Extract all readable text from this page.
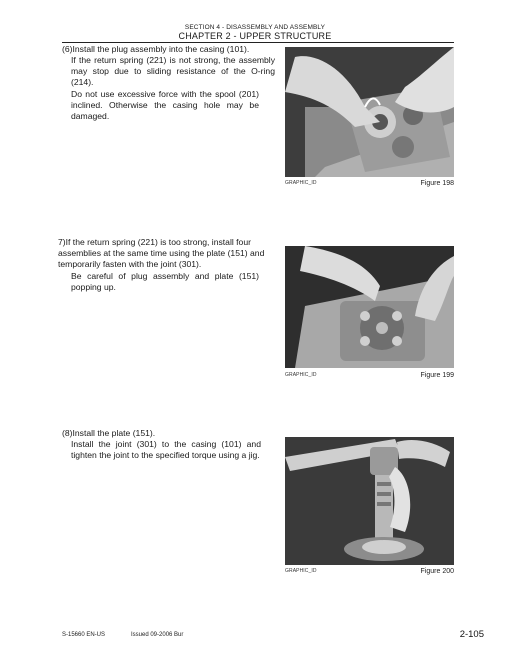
SECTION 4 - DISASSEMBLY AND ASSEMBLY
CHAPTER 2 - UPPER STRUCTURE
(6)Install the plug assembly into the casing (101).
If the return spring (221) is not strong, the assembly may stop due to sliding resistance of the O-ring (214).
Do not use excessive force with the spool (201) inclined. Otherwise the casing hole may be damaged.
GRAPHIC_ID	Figure 198
7)If the return spring (221) is too strong, install four assemblies at the same time using the plate (151) and temporarily fasten with the joint (301).
Be careful of plug assembly and plate (151) popping up.
GRAPHIC_ID	Figure 199
(8)Install the plate (151).
Install the joint (301) to the casing (101) and tighten the joint to the specified torque using a jig.
GRAPHIC_ID	Figure 200
S-15660 EN-US	Issued 09-2006 Bur	2-105
